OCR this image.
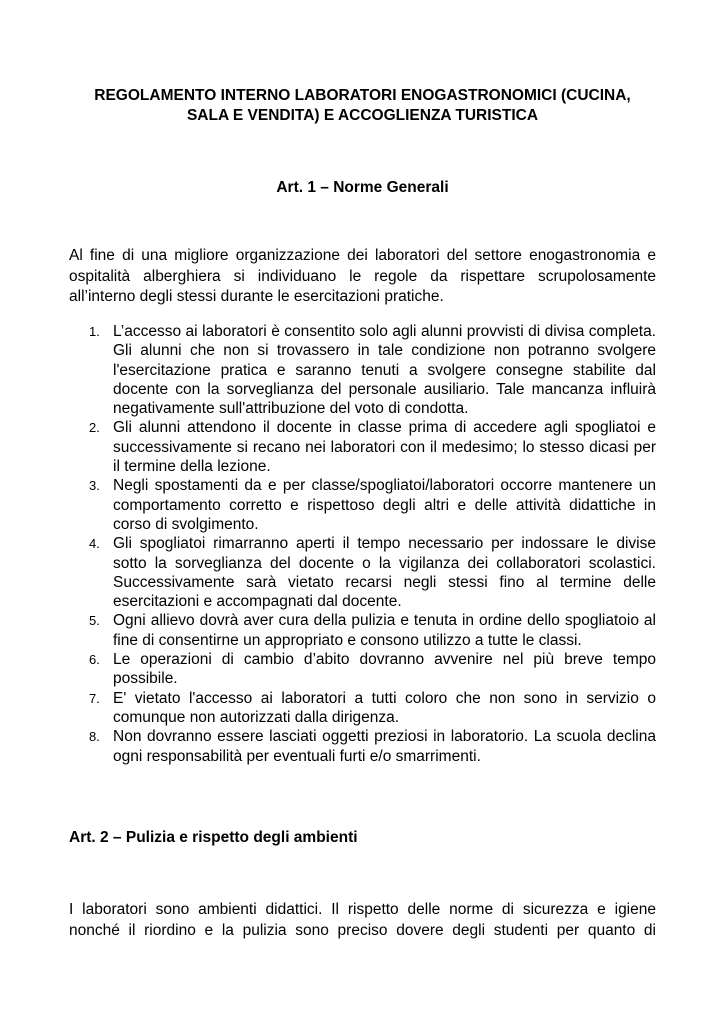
REGOLAMENTO INTERNO LABORATORI ENOGASTRONOMICI (CUCINA,
SALA E VENDITA) E ACCOGLIENZA TURISTICA
Art. 1 – Norme Generali

Al fine di una migliore organizzazione dei laboratori del settore enogastronomia e ospitalità alberghiera si individuano le regole da rispettare scrupolosamente all’interno degli stessi durante le esercitazioni pratiche.

1. L’accesso ai laboratori è consentito solo agli alunni provvisti di divisa completa. Gli alunni che non si trovassero in tale condizione non potranno svolgere l'esercitazione pratica e saranno tenuti a svolgere consegne stabilite dal docente con la sorveglianza del personale ausiliario. Tale mancanza influirà negativamente sull'attribuzione del voto di condotta.
2. Gli alunni attendono il docente in classe prima di accedere agli spogliatoi e successivamente si recano nei laboratori con il medesimo; lo stesso dicasi per il termine della lezione.
3. Negli spostamenti da e per classe/spogliatoi/laboratori occorre mantenere un comportamento corretto e rispettoso degli altri e delle attività didattiche in corso di svolgimento.
4. Gli spogliatoi rimarranno aperti il tempo necessario per indossare le divise sotto la sorveglianza del docente o la vigilanza dei collaboratori scolastici. Successivamente sarà vietato recarsi negli stessi fino al termine delle esercitazioni e accompagnati dal docente.
5. Ogni allievo dovrà aver cura della pulizia e tenuta in ordine dello spogliatoio al fine di consentirne un appropriato e consono utilizzo a tutte le classi.
6. Le operazioni di cambio d’abito dovranno avvenire nel più breve tempo possibile.
7. E' vietato l'accesso ai laboratori a tutti coloro che non sono in servizio o comunque non autorizzati dalla dirigenza.
8. Non dovranno essere lasciati oggetti preziosi in laboratorio. La scuola declina ogni responsabilità per eventuali furti e/o smarrimenti.
Art. 2 – Pulizia e rispetto degli ambienti

I laboratori sono ambienti didattici. Il rispetto delle norme di sicurezza e igiene nonché il riordino e la pulizia sono preciso dovere degli studenti per quanto di
